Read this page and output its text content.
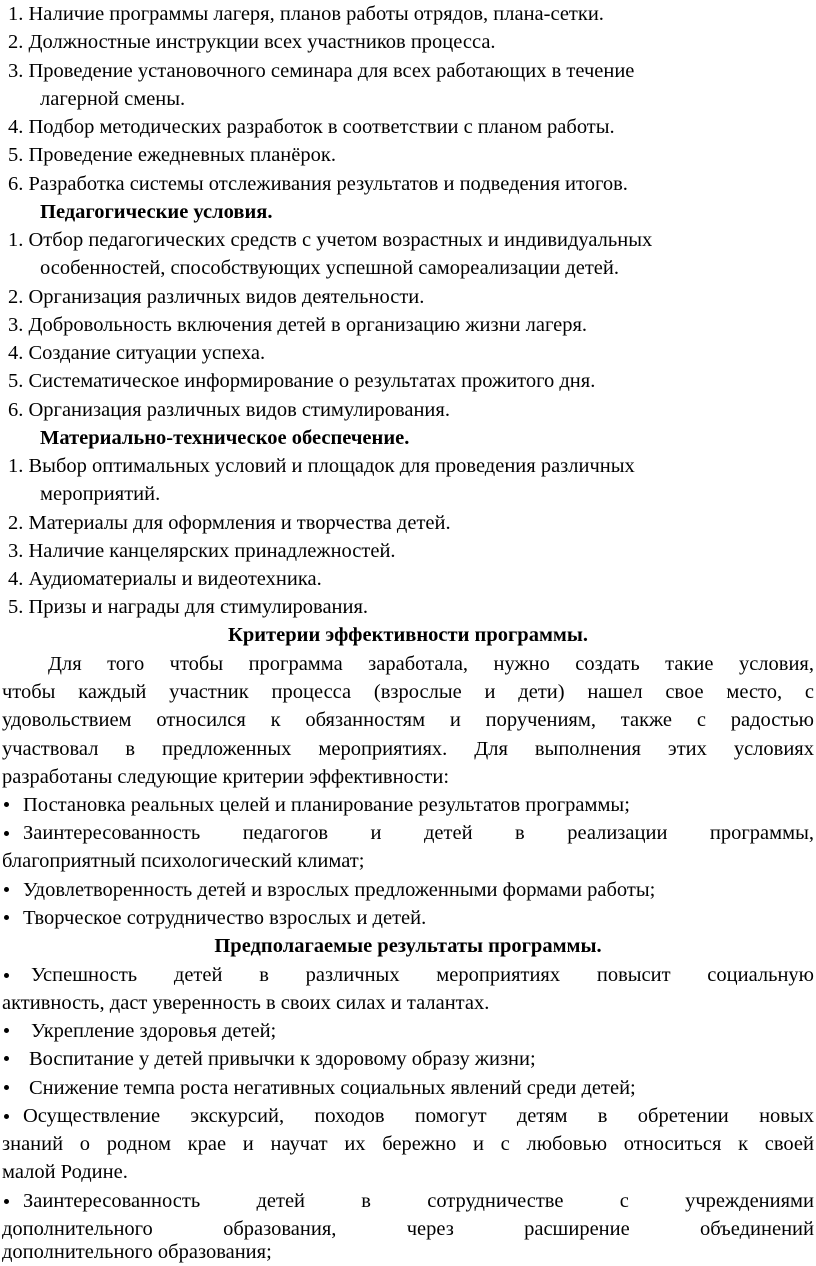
1. Наличие программы лагеря, планов работы отрядов, плана-сетки.
2. Должностные инструкции всех участников процесса.
3. Проведение установочного семинара для всех работающих в течение
лагерной смены.
4. Подбор методических разработок в соответствии с планом работы.
5. Проведение ежедневных планёрок.
6. Разработка системы отслеживания результатов и подведения итогов.
Педагогические условия.
1. Отбор педагогических средств с учетом возрастных и индивидуальных
особенностей, способствующих успешной самореализации детей.
2. Организация различных видов деятельности.
3. Добровольность включения детей в организацию жизни лагеря.
4. Создание ситуации успеха.
5. Систематическое информирование о результатах прожитого дня.
6. Организация различных видов стимулирования.
Материально-техническое обеспечение.
1. Выбор оптимальных условий и площадок для проведения различных
мероприятий.
2. Материалы для оформления и творчества детей.
3. Наличие канцелярских принадлежностей.
4. Аудиоматериалы и видеотехника.
5. Призы и награды для стимулирования.
Критерии эффективности программы.
Для того чтобы программа заработала, нужно создать такие условия,
чтобы каждый участник процесса (взрослые и дети) нашел свое место, с
удовольствием относился к обязанностям и поручениям, также с радостью
участвовал в предложенных мероприятиях. Для выполнения этих условиях
разработаны следующие критерии эффективности:
Постановка реальных целей и планирование результатов программы;
Заинтересованность педагогов и детей в реализации программы,
благоприятный психологический климат;
Удовлетворенность детей и взрослых предложенными формами работы;
Творческое сотрудничество взрослых и детей.
Предполагаемые результаты программы.
Успешность детей в различных мероприятиях повысит социальную
активность, даст уверенность в своих силах и талантах.
Укрепление здоровья детей;
Воспитание у детей привычки к здоровому образу жизни;
Снижение темпа роста негативных социальных явлений среди детей;
Осуществление экскурсий, походов помогут детям в обретении новых
знаний о родном крае и научат их бережно и с любовью относиться к своей
малой Родине.
Заинтересованность детей в сотрудничестве с учреждениями
дополнительного образования, через расширение объединений
дополнительного образования;
